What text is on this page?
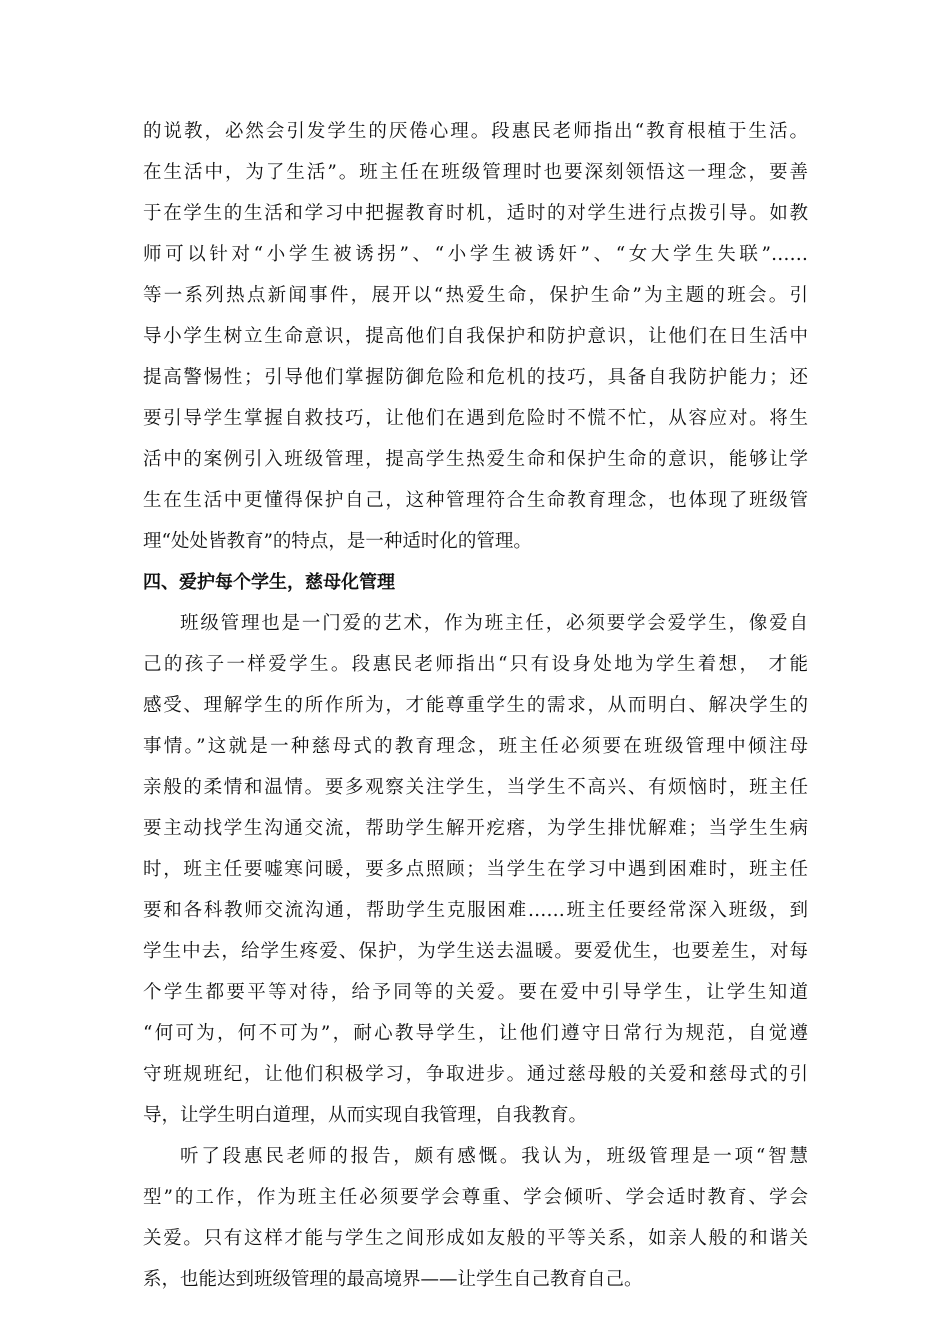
的说教，必然会引发学生的厌倦心理。段惠民老师指出“教育根植于生活。
在生活中，为了生活”。班主任在班级管理时也要深刻领悟这一理念，要善
于在学生的生活和学习中把握教育时机，适时的对学生进行点拨引导。如教
师可以针对“小学生被诱拐”、“小学生被诱奸”、“女大学生失联”……
等一系列热点新闻事件，展开以“热爱生命，保护生命”为主题的班会。引
导小学生树立生命意识，提高他们自我保护和防护意识，让他们在日生活中
提高警惕性；引导他们掌握防御危险和危机的技巧，具备自我防护能力；还
要引导学生掌握自救技巧，让他们在遇到危险时不慌不忙，从容应对。将生
活中的案例引入班级管理，提高学生热爱生命和保护生命的意识，能够让学
生在生活中更懂得保护自己，这种管理符合生命教育理念，也体现了班级管
理“处处皆教育”的特点，是一种适时化的管理。
四、爱护每个学生，慈母化管理
班级管理也是一门爱的艺术，作为班主任，必须要学会爱学生，像爱自
己的孩子一样爱学生。段惠民老师指出“只有设身处地为学生着想， 才能
感受、理解学生的所作所为，才能尊重学生的需求，从而明白、解决学生的
事情。”这就是一种慈母式的教育理念，班主任必须要在班级管理中倾注母
亲般的柔情和温情。要多观察关注学生，当学生不高兴、有烦恼时，班主任
要主动找学生沟通交流，帮助学生解开疙瘩，为学生排忧解难；当学生生病
时，班主任要嘘寒问暖，要多点照顾；当学生在学习中遇到困难时，班主任
要和各科教师交流沟通，帮助学生克服困难……班主任要经常深入班级，到
学生中去，给学生疼爱、保护，为学生送去温暖。要爱优生，也要差生，对每
个学生都要平等对待，给予同等的关爱。要在爱中引导学生，让学生知道
“何可为，何不可为”，耐心教导学生，让他们遵守日常行为规范，自觉遵
守班规班纪，让他们积极学习，争取进步。通过慈母般的关爱和慈母式的引
导，让学生明白道理，从而实现自我管理，自我教育。
听了段惠民老师的报告，颇有感慨。我认为，班级管理是一项“智慧
型”的工作，作为班主任必须要学会尊重、学会倾听、学会适时教育、学会
关爱。只有这样才能与学生之间形成如友般的平等关系，如亲人般的和谐关
系，也能达到班级管理的最高境界——让学生自己教育自己。
